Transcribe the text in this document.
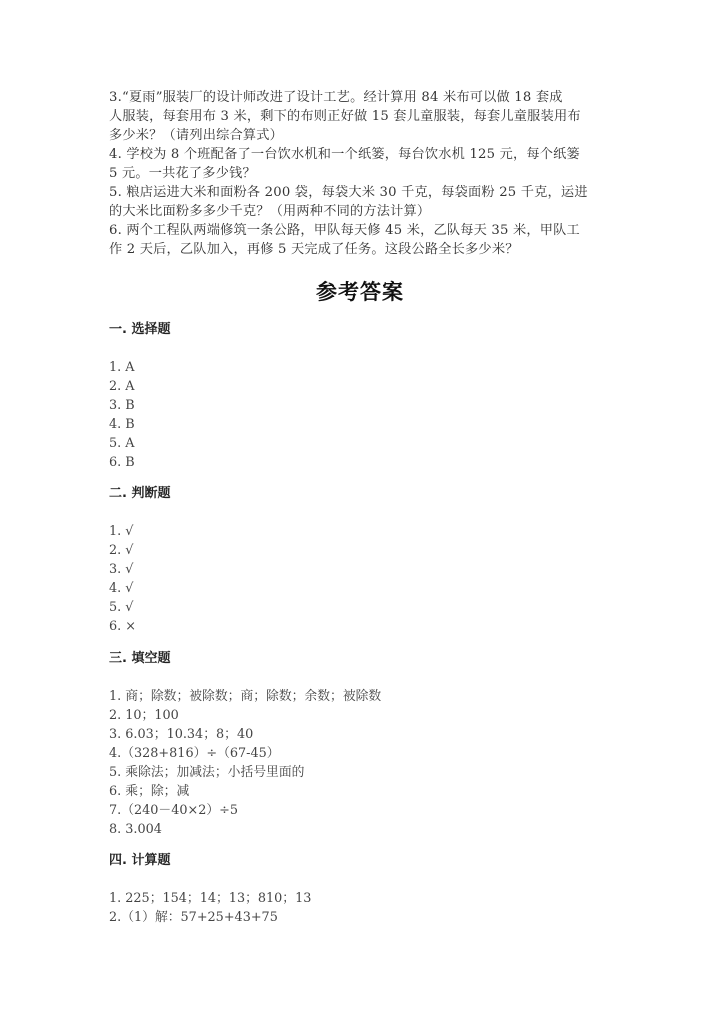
3.“夏雨”服装厂的设计师改进了设计工艺。经计算用 84 米布可以做 18 套成
人服装，每套用布 3 米，剩下的布则正好做 15 套儿童服装，每套儿童服装用布
多少米？（请列出综合算式）
4. 学校为 8 个班配备了一台饮水机和一个纸篓，每台饮水机 125 元，每个纸篓
5 元。一共花了多少钱？
5. 粮店运进大米和面粉各 200 袋，每袋大米 30 千克，每袋面粉 25 千克，运进
的大米比面粉多多少千克？（用两种不同的方法计算）
6. 两个工程队两端修筑一条公路，甲队每天修 45 米，乙队每天 35 米，甲队工
作 2 天后，乙队加入，再修 5 天完成了任务。这段公路全长多少米？
参考答案
一. 选择题
1. A
2. A
3. B
4. B
5. A
6. B
二. 判断题
1. √
2. √
3. √
4. √
5. √
6. ×
三. 填空题
1. 商；除数；被除数；商；除数；余数；被除数
2. 10；100
3. 6.03；10.34；8；40
4.（328+816）÷（67-45）
5. 乘除法；加减法；小括号里面的
6. 乘；除；减
7.（240－40×2）÷5
8. 3.004
四. 计算题
1. 225；154；14；13；810；13
2.（1）解：57+25+43+75
